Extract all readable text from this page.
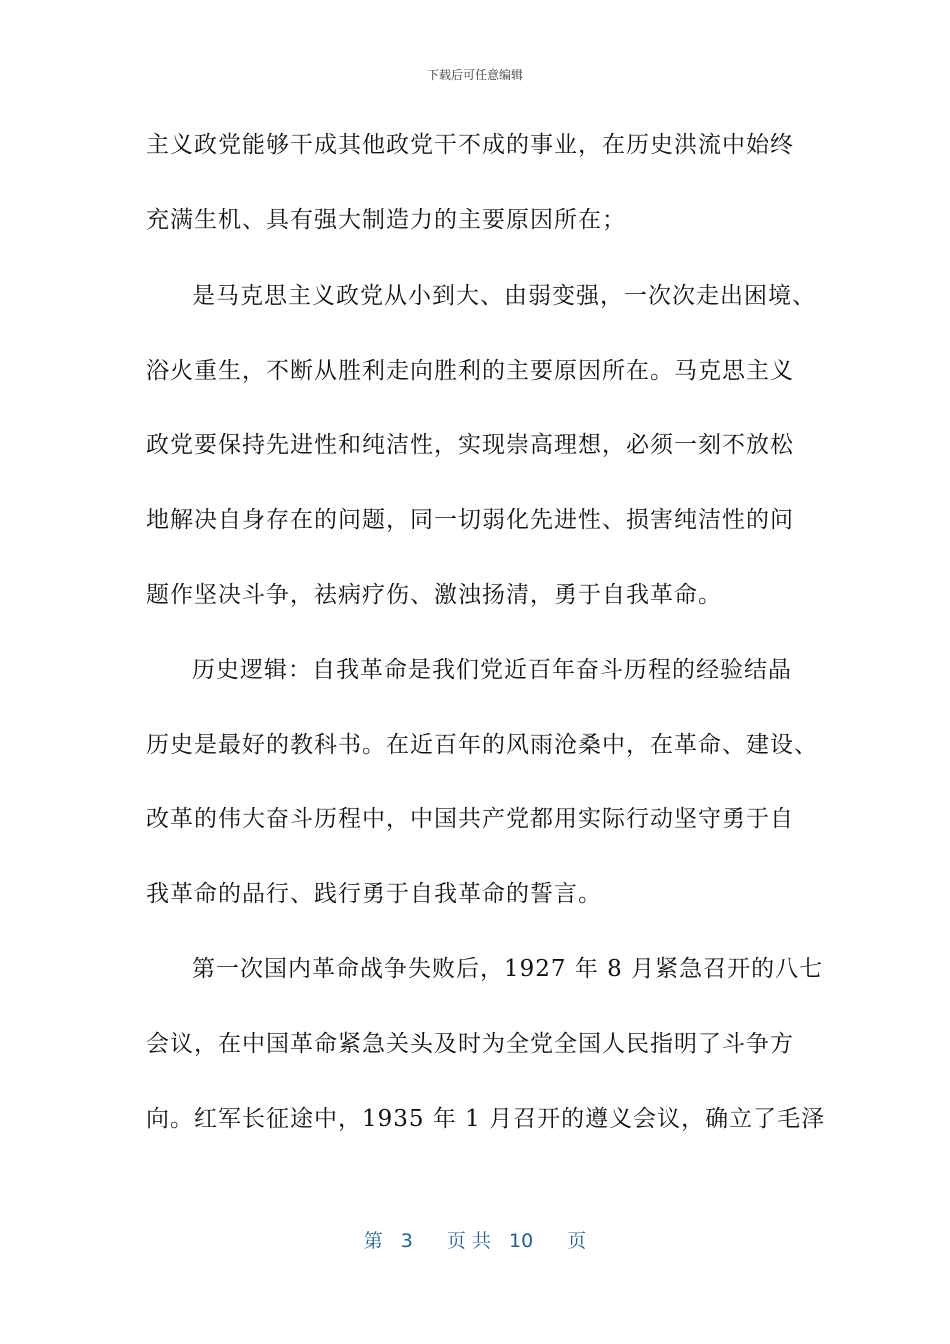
下载后可任意编辑
主义政党能够干成其他政党干不成的事业，在历史洪流中始终
充满生机、具有强大制造力的主要原因所在；
是马克思主义政党从小到大、由弱变强，一次次走出困境、
浴火重生，不断从胜利走向胜利的主要原因所在。马克思主义
政党要保持先进性和纯洁性，实现崇高理想，必须一刻不放松
地解决自身存在的问题，同一切弱化先进性、损害纯洁性的问
题作坚决斗争，祛病疗伤、激浊扬清，勇于自我革命。
历史逻辑：自我革命是我们党近百年奋斗历程的经验结晶
历史是最好的教科书。在近百年的风雨沧桑中，在革命、建设、
改革的伟大奋斗历程中，中国共产党都用实际行动坚守勇于自
我革命的品行、践行勇于自我革命的誓言。
第一次国内革命战争失败后，1927 年 8 月紧急召开的八七
会议，在中国革命紧急关头及时为全党全国人民指明了斗争方
向。红军长征途中，1935 年 1 月召开的遵义会议，确立了毛泽
第 3 页 共 10 页
